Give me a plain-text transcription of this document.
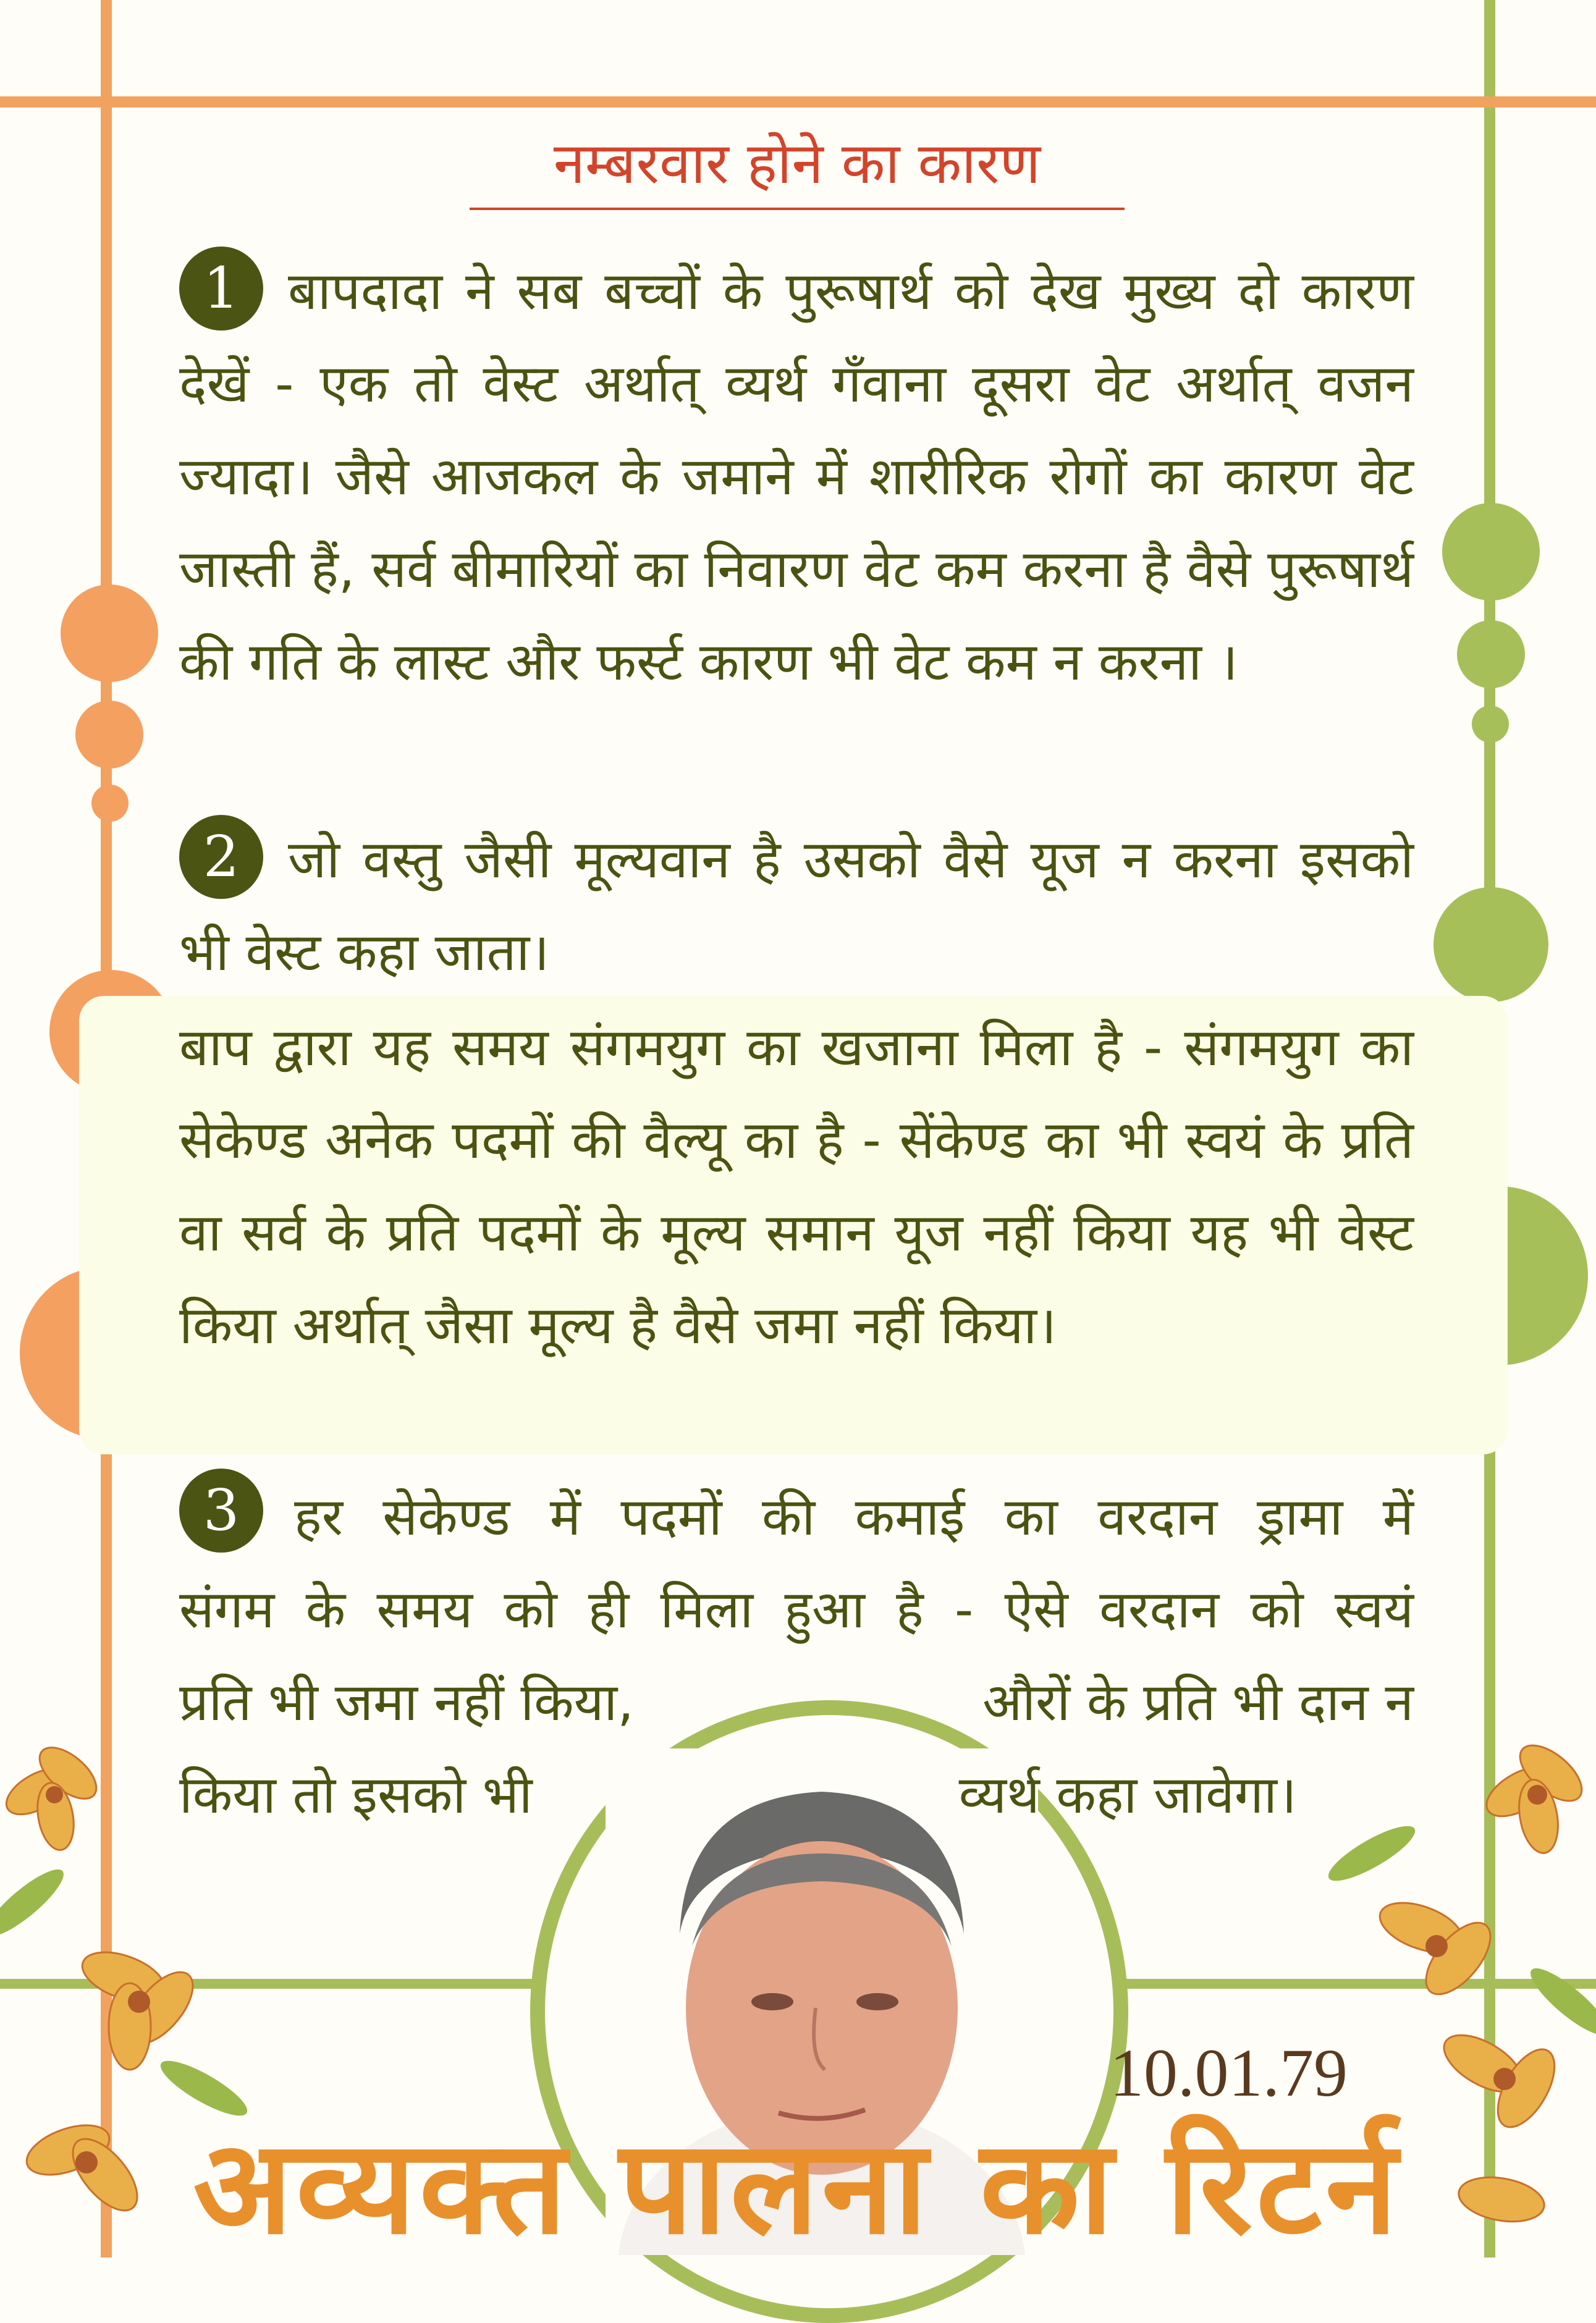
नम्बरवार होने का कारण
1 बापदादा ने सब बच्चों के पुरूषार्थ को देख मुख्य दो कारण देखें - एक तो वेस्ट अर्थात् व्यर्थ गँवाना दूसरा वेट अर्थात् वजन ज्यादा। जैसे आजकल के जमाने में शारीरिक रोगों का कारण वेट जास्ती हैं, सर्व बीमारियों का निवारण वेट कम करना है वैसे पुरूषार्थ की गति के लास्ट और फर्स्ट कारण भी वेट कम न करना ।
2 जो वस्तु जैसी मूल्यवान है उसको वैसे यूज न करना इसको भी वेस्ट कहा जाता।
बाप द्वारा यह समय संगमयुग का खजाना मिला है - संगमयुग का सेकेण्ड अनेक पदमों की वैल्यू का है - सेंकेण्ड का भी स्वयं के प्रति वा सर्व के प्रति पदमों के मूल्य समान यूज नहीं किया यह भी वेस्ट किया अर्थात् जैसा मूल्य है वैसे जमा नहीं किया।
3	हर सेकेण्ड में पदमों की कमाई का वरदान ड्रामा में
संगम के समय को ही मिला हुआ है - ऐसे वरदान को स्वयं
प्रति भी जमा नहीं किया,	औरों के प्रति भी दान न
किया तो इसको भी	व्यर्थ कहा जावेगा।
10.01.79
अव्यक्त पालना का रिटर्न
